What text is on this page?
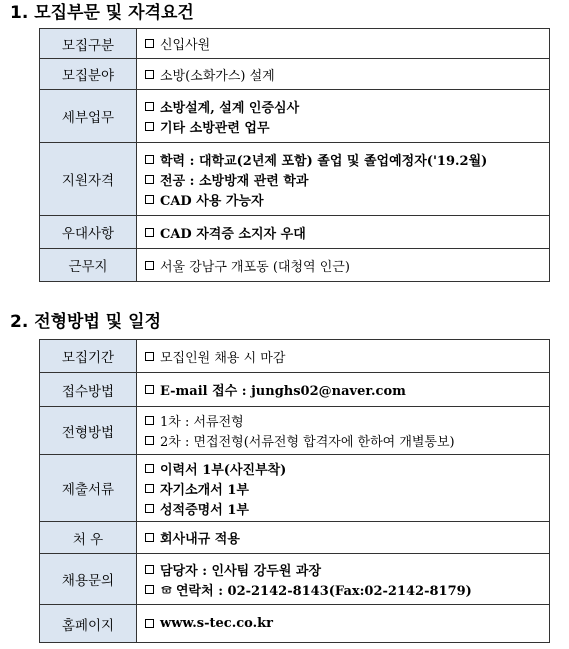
1. 모집부문 및 자격요건
모집구분	신입사원

모집분야	소방(소화가스) 설계

세부업무	소방설계, 설계 인증심사
기타 소방관련 업무

지원자격	학력 : 대학교(2년제 포함) 졸업 및 졸업예정자('19.2월)
전공 : 소방방재 관련 학과
CAD 사용 가능자

우대사항	CAD 자격증 소지자 우대

근무지	서울 강남구 개포동 (대청역 인근)
2. 전형방법 및 일정
모집기간	모집인원 채용 시 마감

접수방법	E-mail 접수 : junghs02@naver.com

전형방법	1차 : 서류전형
2차 : 면접전형(서류전형 합격자에 한하여 개별통보)

제출서류	이력서 1부(사진부착)
자기소개서 1부
성적증명서 1부

처 우	회사내규 적용

채용문의	담당자 : 인사팀 강두원 과장
연락처 : 02-2142-8143(Fax:02-2142-8179)

홈페이지	www.s-tec.co.kr
